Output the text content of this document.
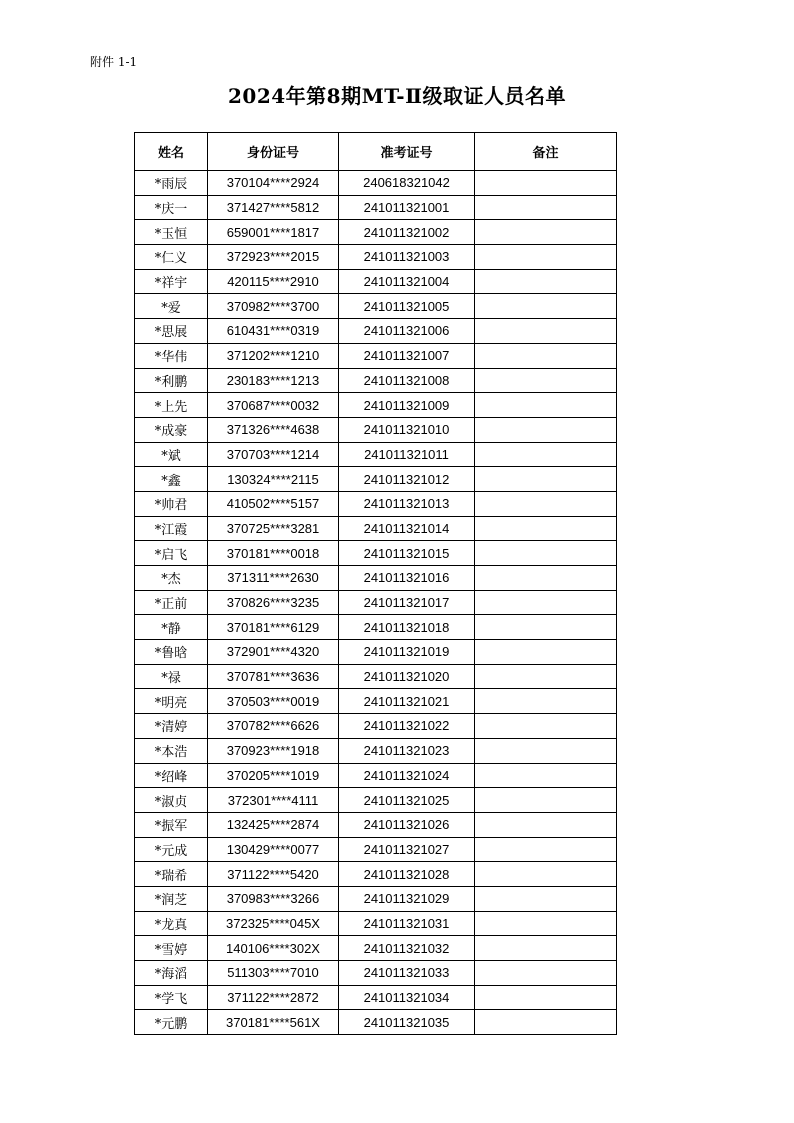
附件 1-1
2024年第8期MT-Ⅱ级取证人员名单
姓名	身份证号	准考证号	备注
*雨辰	370104****2924	240618321042	
*庆一	371427****5812	241011321001	
*玉恒	659001****1817	241011321002	
*仁义	372923****2015	241011321003	
*祥宇	420115****2910	241011321004	
*爱	370982****3700	241011321005	
*思展	610431****0319	241011321006	
*华伟	371202****1210	241011321007	
*利鹏	230183****1213	241011321008	
*上先	370687****0032	241011321009	
*成豪	371326****4638	241011321010	
*斌	370703****1214	241011321011	
*鑫	130324****2115	241011321012	
*帅君	410502****5157	241011321013	
*江霞	370725****3281	241011321014	
*启飞	370181****0018	241011321015	
*杰	371311****2630	241011321016	
*正前	370826****3235	241011321017	
*静	370181****6129	241011321018	
*鲁晗	372901****4320	241011321019	
*禄	370781****3636	241011321020	
*明亮	370503****0019	241011321021	
*清婷	370782****6626	241011321022	
*本浩	370923****1918	241011321023	
*绍峰	370205****1019	241011321024	
*淑贞	372301****4111	241011321025	
*振军	132425****2874	241011321026	
*元成	130429****0077	241011321027	
*瑞希	371122****5420	241011321028	
*润芝	370983****3266	241011321029	
*龙真	372325****045X	241011321031	
*雪婷	140106****302X	241011321032	
*海滔	511303****7010	241011321033	
*学飞	371122****2872	241011321034	
*元鹏	370181****561X	241011321035	
